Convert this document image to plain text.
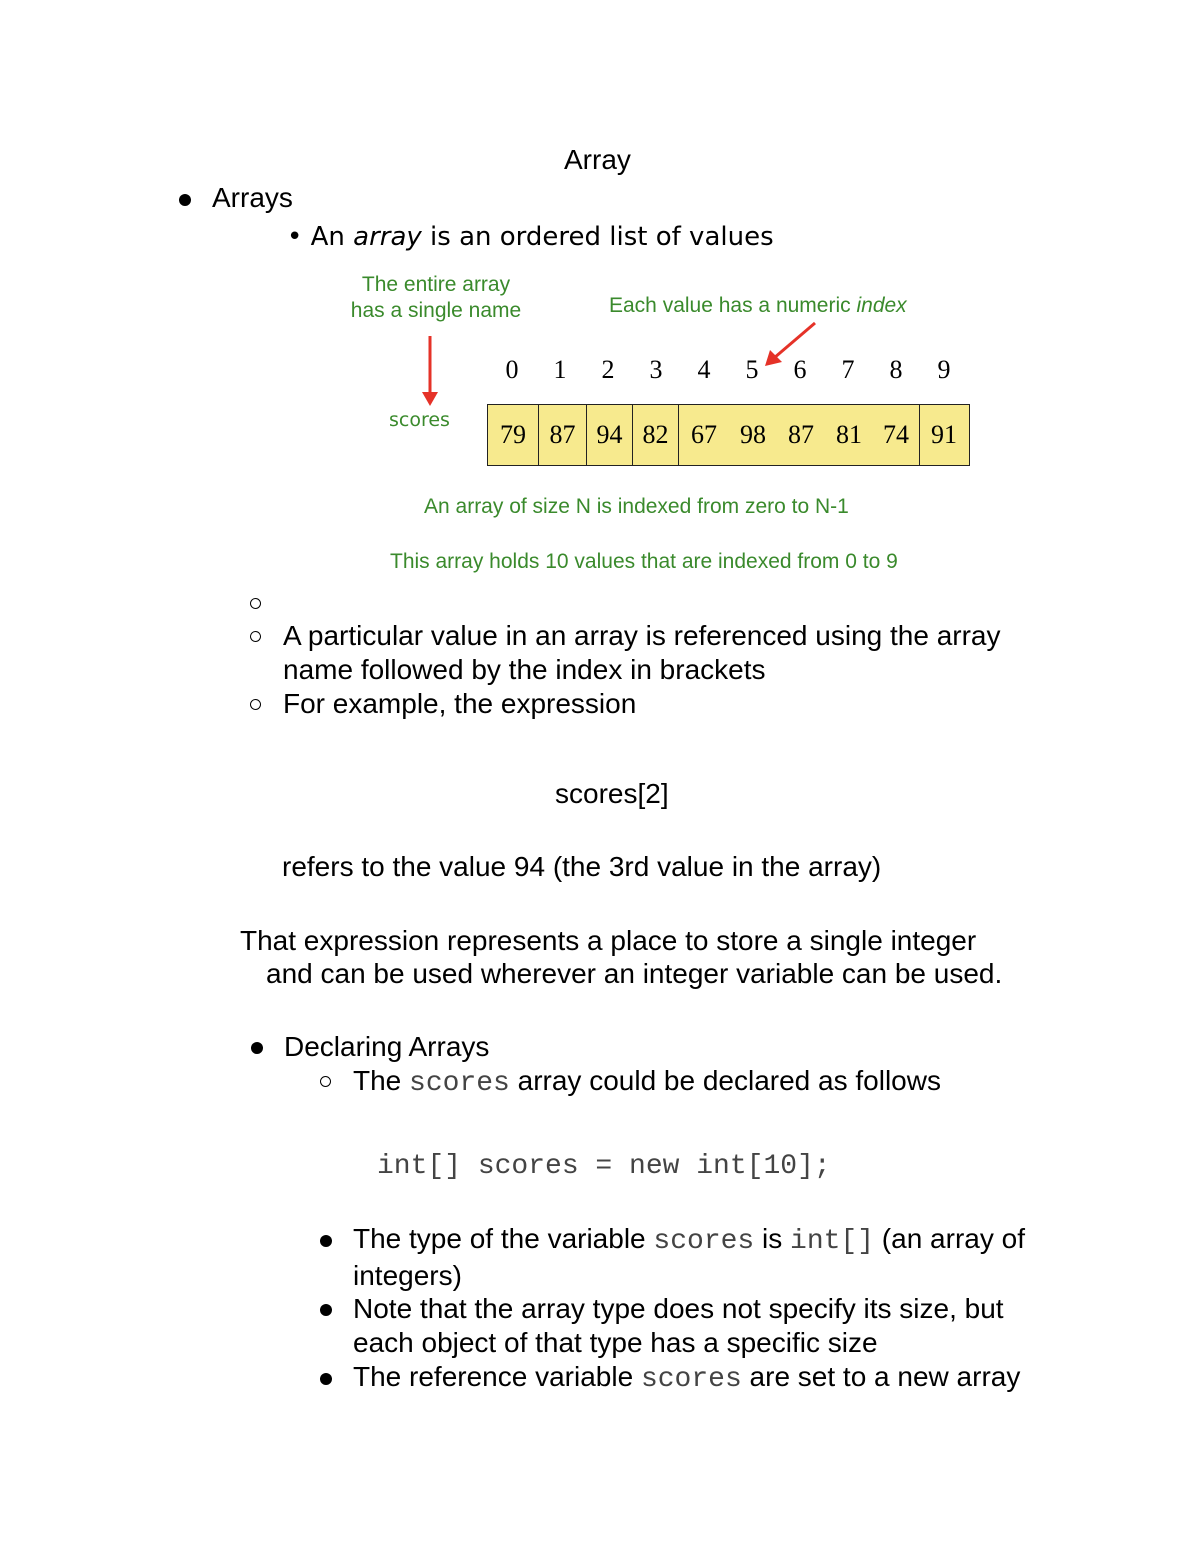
Array
Arrays
• An array is an ordered list of values
The entire array
has a single name	Each value has a numeric index
scores
0	1	2	3	4	5	6	7	8	9
79 87 94 82 67 98 87 81 74 91
An array of size N is indexed from zero to N-1
This array holds 10 values that are indexed from 0 to 9
A particular value in an array is referenced using the array
name followed by the index in brackets
For example, the expression
scores[2]
refers to the value 94 (the 3rd value in the array)
That expression represents a place to store a single integer
and can be used wherever an integer variable can be used.
Declaring Arrays
The scores array could be declared as follows
int[] scores = new int[10];
The type of the variable scores is int[] (an array of
integers)
Note that the array type does not specify its size, but
each object of that type has a specific size
The reference variable scores are set to a new array
